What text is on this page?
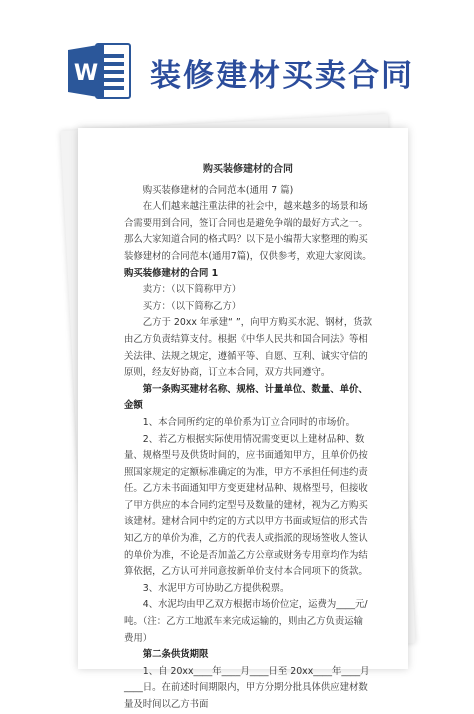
W 装修建材买卖合同

购买装修建材的合同

购买装修建材的合同范本(通用 7 篇)

在人们越来越注重法律的社会中，越来越多的场景和场合需要用到合同，签订合同也是避免争端的最好方式之一。那么大家知道合同的格式吗？以下是小编帮大家整理的购买装修建材的合同范本(通用7篇)，仅供参考，欢迎大家阅读。

购买装修建材的合同 1

卖方：（以下简称甲方）

买方：（以下简称乙方）

乙方于 20xx 年承建“ ”，向甲方购买水泥、钢材，货款由乙方负责结算支付。根据《中华人民共和国合同法》等相关法律、法规之规定，遵循平等、自愿、互利、诚实守信的原则，经友好协商，订立本合同，双方共同遵守。

第一条购买建材名称、规格、计量单位、数量、单价、金额

1、本合同所约定的单价系为订立合同时的市场价。

2、若乙方根据实际使用情况需变更以上建材品种、数量、规格型号及供货时间的，应书面通知甲方，且单价仍按照国家规定的定额标准确定的为准，甲方不承担任何违约责任。乙方未书面通知甲方变更建材品种、规格型号，但接收了甲方供应的本合同约定型号及数量的建材，视为乙方购买该建材。建材合同中约定的方式以甲方书面或短信的形式告知乙方的单价为准，乙方的代表人或指派的现场签收人签认的单价为准，不论是否加盖乙方公章或财务专用章均作为结算依据，乙方认可并同意按新单价支付本合同项下的货款。

3、水泥甲方可协助乙方提供税票。

4、水泥均由甲乙双方根据市场价位定，运费为____元/吨。（注：乙方工地派车来完成运输的，则由乙方负责运输费用）

第二条供货期限

1、自 20xx____年____月____日至 20xx____年____月____日。在前述时间期限内，甲方分期分批具体供应建材数量及时间以乙方书面
